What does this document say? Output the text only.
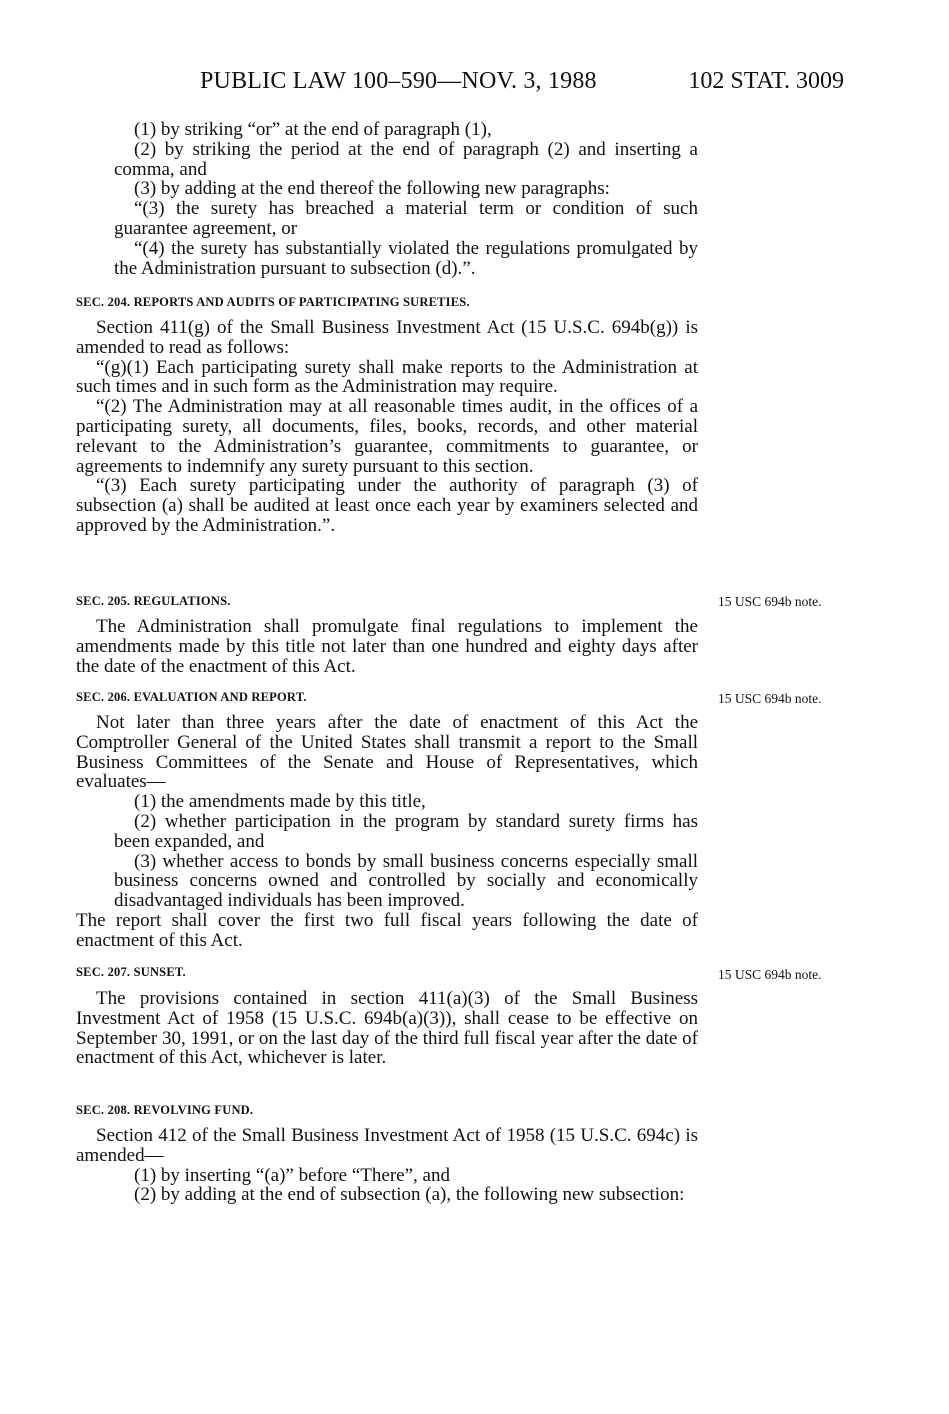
PUBLIC LAW 100–590—NOV. 3, 1988	102 STAT. 3009

(1) by striking “or” at the end of paragraph (1),

(2) by striking the period at the end of paragraph (2) and inserting a comma, and

(3) by adding at the end thereof the following new paragraphs:

“(3) the surety has breached a material term or condition of such guarantee agreement, or

“(4) the surety has substantially violated the regulations promulgated by the Administration pursuant to subsection (d).”.

SEC. 204. REPORTS AND AUDITS OF PARTICIPATING SURETIES.

Section 411(g) of the Small Business Investment Act (15 U.S.C. 694b(g)) is amended to read as follows:

“(g)(1) Each participating surety shall make reports to the Administration at such times and in such form as the Administration may require.

“(2) The Administration may at all reasonable times audit, in the offices of a participating surety, all documents, files, books, records, and other material relevant to the Administration’s guarantee, commitments to guarantee, or agreements to indemnify any surety pursuant to this section.

“(3) Each surety participating under the authority of paragraph (3) of subsection (a) shall be audited at least once each year by examiners selected and approved by the Administration.”.

SEC. 205. REGULATIONS.	15 USC 694b note.

The Administration shall promulgate final regulations to implement the amendments made by this title not later than one hundred and eighty days after the date of the enactment of this Act.

SEC. 206. EVALUATION AND REPORT.	15 USC 694b note.

Not later than three years after the date of enactment of this Act the Comptroller General of the United States shall transmit a report to the Small Business Committees of the Senate and House of Representatives, which evaluates—

(1) the amendments made by this title,

(2) whether participation in the program by standard surety firms has been expanded, and

(3) whether access to bonds by small business concerns especially small business concerns owned and controlled by socially and economically disadvantaged individuals has been improved.

The report shall cover the first two full fiscal years following the date of enactment of this Act.

SEC. 207. SUNSET.	15 USC 694b note.

The provisions contained in section 411(a)(3) of the Small Business Investment Act of 1958 (15 U.S.C. 694b(a)(3)), shall cease to be effective on September 30, 1991, or on the last day of the third full fiscal year after the date of enactment of this Act, whichever is later.

SEC. 208. REVOLVING FUND.

Section 412 of the Small Business Investment Act of 1958 (15 U.S.C. 694c) is amended—

(1) by inserting “(a)” before “There”, and

(2) by adding at the end of subsection (a), the following new subsection:
